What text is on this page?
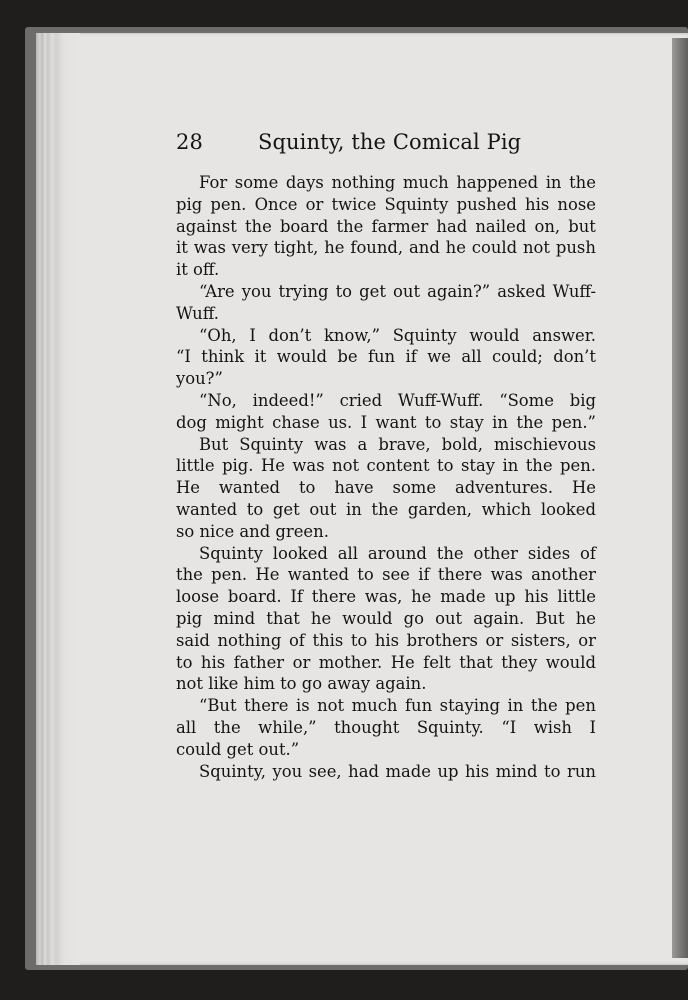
28	Squinty, the Comical Pig
For some days nothing much happened in the
pig pen. Once or twice Squinty pushed his nose
against the board the farmer had nailed on, but
it was very tight, he found, and he could not push
it off.
“Are you trying to get out again?” asked Wuff-
Wuff.
“Oh, I don’t know,” Squinty would answer.
“I think it would be fun if we all could; don’t
you?”
“No, indeed!” cried Wuff-Wuff. “Some big
dog might chase us. I want to stay in the pen.”
But Squinty was a brave, bold, mischievous
little pig. He was not content to stay in the pen.
He wanted to have some adventures. He
wanted to get out in the garden, which looked
so nice and green.
Squinty looked all around the other sides of
the pen. He wanted to see if there was another
loose board. If there was, he made up his little
pig mind that he would go out again. But he
said nothing of this to his brothers or sisters, or
to his father or mother. He felt that they would
not like him to go away again.
“But there is not much fun staying in the pen
all the while,” thought Squinty. “I wish I
could get out.”
Squinty, you see, had made up his mind to run
